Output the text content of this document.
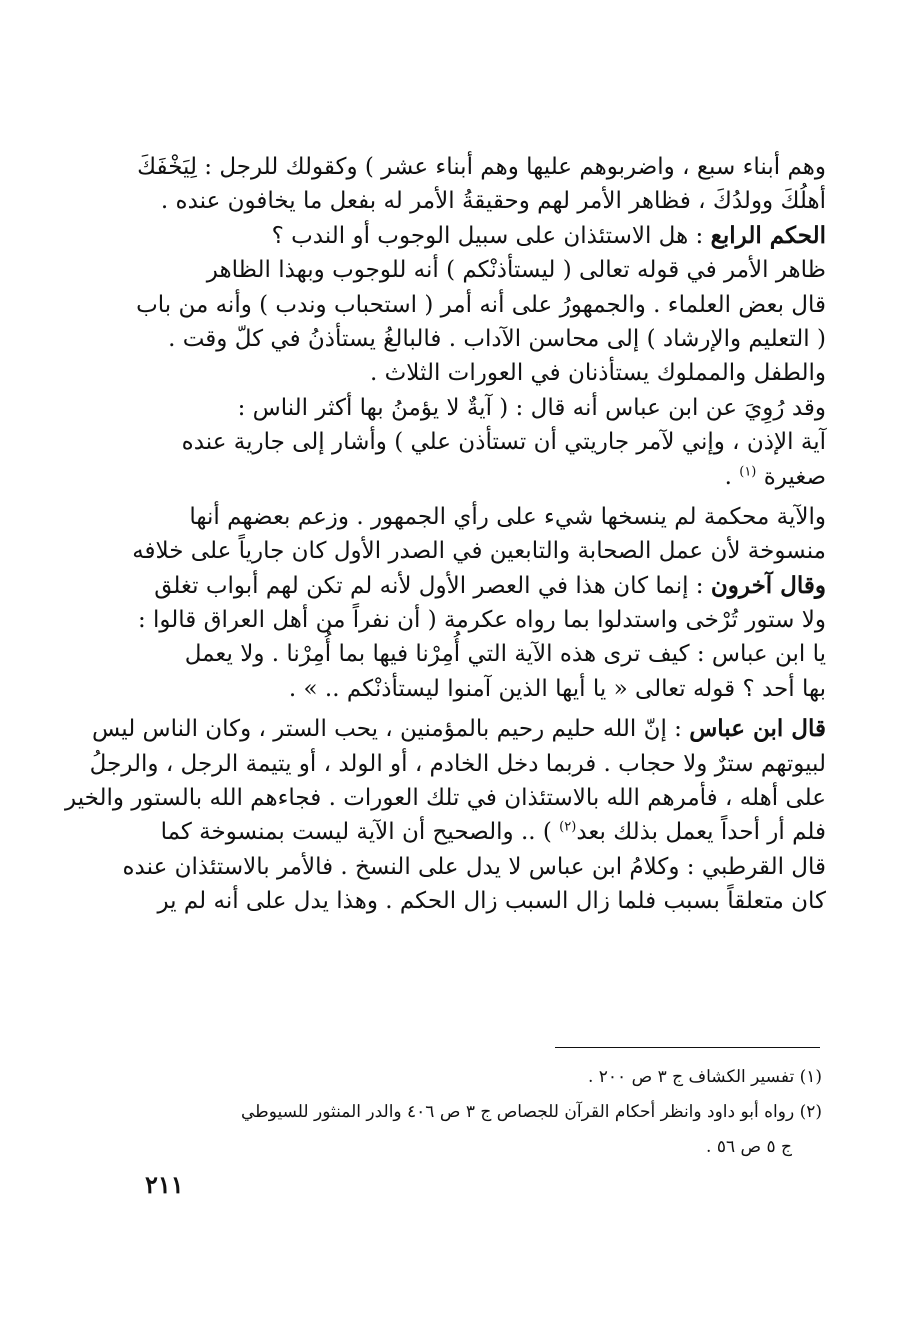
وهم أبناء سبع ، واضربوهم عليها وهم أبناء عشر ) وكقولك للرجل : لِيَخْفَكَ
أهلُكَ وولدُكَ ، فظاهر الأمر لهم وحقيقةُ الأمر له بفعل ما يخافون عنده .
الحكم الرابع : هل الاستئذان على سبيل الوجوب أو الندب ؟
ظاهر الأمر في قوله تعالى ( ليستأذنْكم ) أنه للوجوب وبهذا الظاهر
قال بعض العلماء . والجمهورُ على أنه أمر ( استحباب وندب ) وأنه من باب
( التعليم والإرشاد ) إلى محاسن الآداب . فالبالغُ يستأذنُ في كلّ وقت .
والطفل والمملوك يستأذنان في العورات الثلاث .
وقد رُوِيَ عن ابن عباس أنه قال : ( آيةٌ لا يؤمنُ بها أكثر الناس :
آية الإذن ، وإني لآمر جاريتي أن تستأذن علي ) وأشار إلى جارية عنده
صغيرة $^{(١)}$ .
والآية محكمة لم ينسخها شيء على رأي الجمهور . وزعم بعضهم أنها
منسوخة لأن عمل الصحابة والتابعين في الصدر الأول كان جارياً على خلافه
وقال آخرون : إنما كان هذا في العصر الأول لأنه لم تكن لهم أبواب تغلق
ولا ستور تُرْخى واستدلوا بما رواه عكرمة ( أن نفراً من أهل العراق قالوا :
يا ابن عباس : كيف ترى هذه الآية التي أُمِرْنا فيها بما أُمِرْنا . ولا يعمل
بها أحد ؟ قوله تعالى « يا أيها الذين آمنوا ليستأذنْكم .. » .
قال ابن عباس : إنّ الله حليم رحيم بالمؤمنين ، يحب الستر ، وكان الناس ليس
لبيوتهم سترٌ ولا حجاب . فربما دخل الخادم ، أو الولد ، أو يتيمة الرجل ، والرجلُ
على أهله ، فأمرهم الله بالاستئذان في تلك العورات . فجاءهم الله بالستور والخير
فلم أر أحداً يعمل بذلك بعد$^{(٢)}$ ) .. والصحيح أن الآية ليست بمنسوخة كما
قال القرطبي : وكلامُ ابن عباس لا يدل على النسخ . فالأمر بالاستئذان عنده
كان متعلقاً بسبب فلما زال السبب زال الحكم . وهذا يدل على أنه لم ير
(١) تفسير الكشاف ج ٣ ص ٢٠٠ .
(٢) رواه أبو داود وانظر أحكام القرآن للجصاص ج ٣ ص ٤٠٦ والدر المنثور للسيوطي
ج ٥ ص ٥٦ .
٢١١
